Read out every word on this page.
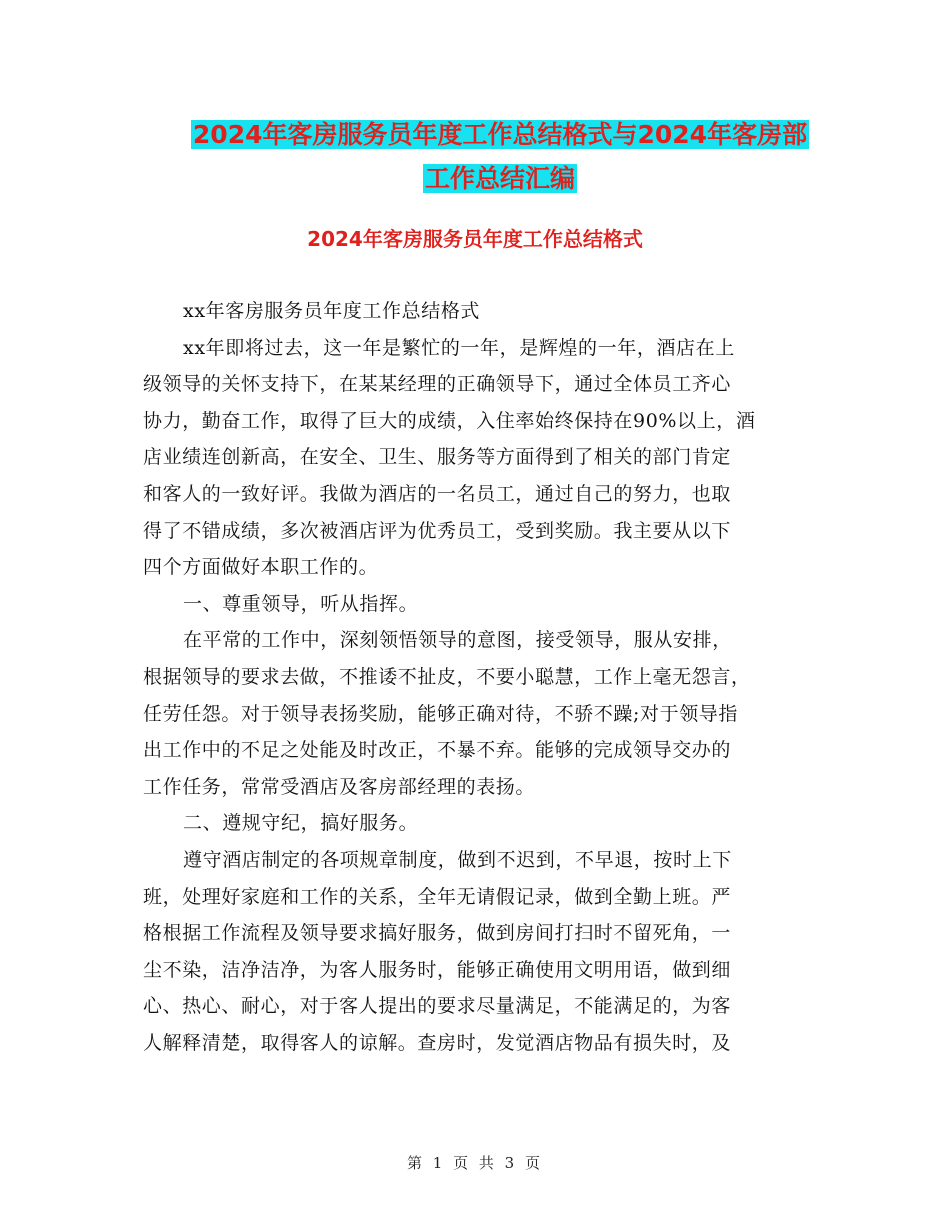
2024年客房服务员年度工作总结格式与2024年客房部
工作总结汇编
2024年客房服务员年度工作总结格式
xx年客房服务员年度工作总结格式
xx年即将过去，这一年是繁忙的一年，是辉煌的一年，酒店在上
级领导的关怀支持下，在某某经理的正确领导下，通过全体员工齐心
协力，勤奋工作，取得了巨大的成绩，入住率始终保持在90%以上，酒
店业绩连创新高，在安全、卫生、服务等方面得到了相关的部门肯定
和客人的一致好评。我做为酒店的一名员工，通过自己的努力，也取
得了不错成绩，多次被酒店评为优秀员工，受到奖励。我主要从以下
四个方面做好本职工作的。
一、尊重领导，听从指挥。
在平常的工作中，深刻领悟领导的意图，接受领导，服从安排，
根据领导的要求去做，不推诿不扯皮，不要小聪慧，工作上毫无怨言，
任劳任怨。对于领导表扬奖励，能够正确对待，不骄不躁;对于领导指
出工作中的不足之处能及时改正，不暴不弃。能够的完成领导交办的
工作任务，常常受酒店及客房部经理的表扬。
二、遵规守纪，搞好服务。
遵守酒店制定的各项规章制度，做到不迟到，不早退，按时上下
班，处理好家庭和工作的关系，全年无请假记录，做到全勤上班。严
格根据工作流程及领导要求搞好服务，做到房间打扫时不留死角，一
尘不染，洁净洁净，为客人服务时，能够正确使用文明用语，做到细
心、热心、耐心，对于客人提出的要求尽量满足，不能满足的，为客
人解释清楚，取得客人的谅解。查房时，发觉酒店物品有损失时，及
第 1 页 共 3 页
